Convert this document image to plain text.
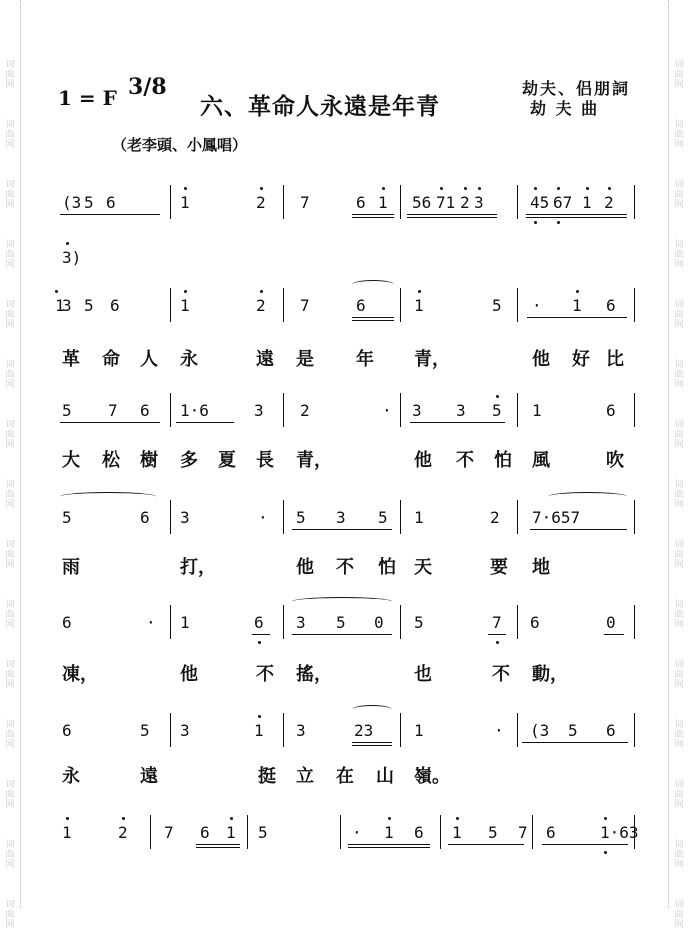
1 = F 3/8
六、革命人永遠是年青
劫夫、侣朋詞
劫 夫 曲
（老李頭、小鳳唱）
(3 5 6	1	2 7	6 1 56 71 2 3	45 67 1 2
3)
3 5 6	1	2 7	6	1	5 · 1 6
1
革 命 人 永	遠 是 年 青，	他 好 比
5 7 6 1·6	3 2	· 3 3 5 1	6
大 松 樹 多 夏 長 青，	他 不 怕 風	吹
5	6 3	· 5 3 5 1	2 7·657
雨	打，	他 不 怕 天	要 地
6	· 1	6 3 5 0 5	7 6	0
凍，	他	不 搖，	也	不 動，
6	5 3	1 3	23	1	· (3 5 6
永	遠	挺 立 在 山 嶺。
1	2 7 6 1 5	· 1 6 1 5 7 6	1·63
词
曲
网
词
曲
网
词
曲
网
词
曲
网
词
曲
网
词
曲
网
词
曲
网
词
曲
网
词
曲
网
词
曲
网
词
曲
网
词
曲
网
词
曲
网
词
曲
网
词
曲
网
词
曲
网
词
曲
网
词
曲
网
词
曲
网
词
曲
网
词
曲
网
词
曲
网
词
曲
网
词
曲
网
词
曲
网
词
曲
网
词
曲
网
词
曲
网
词
曲
网
词
曲
网
